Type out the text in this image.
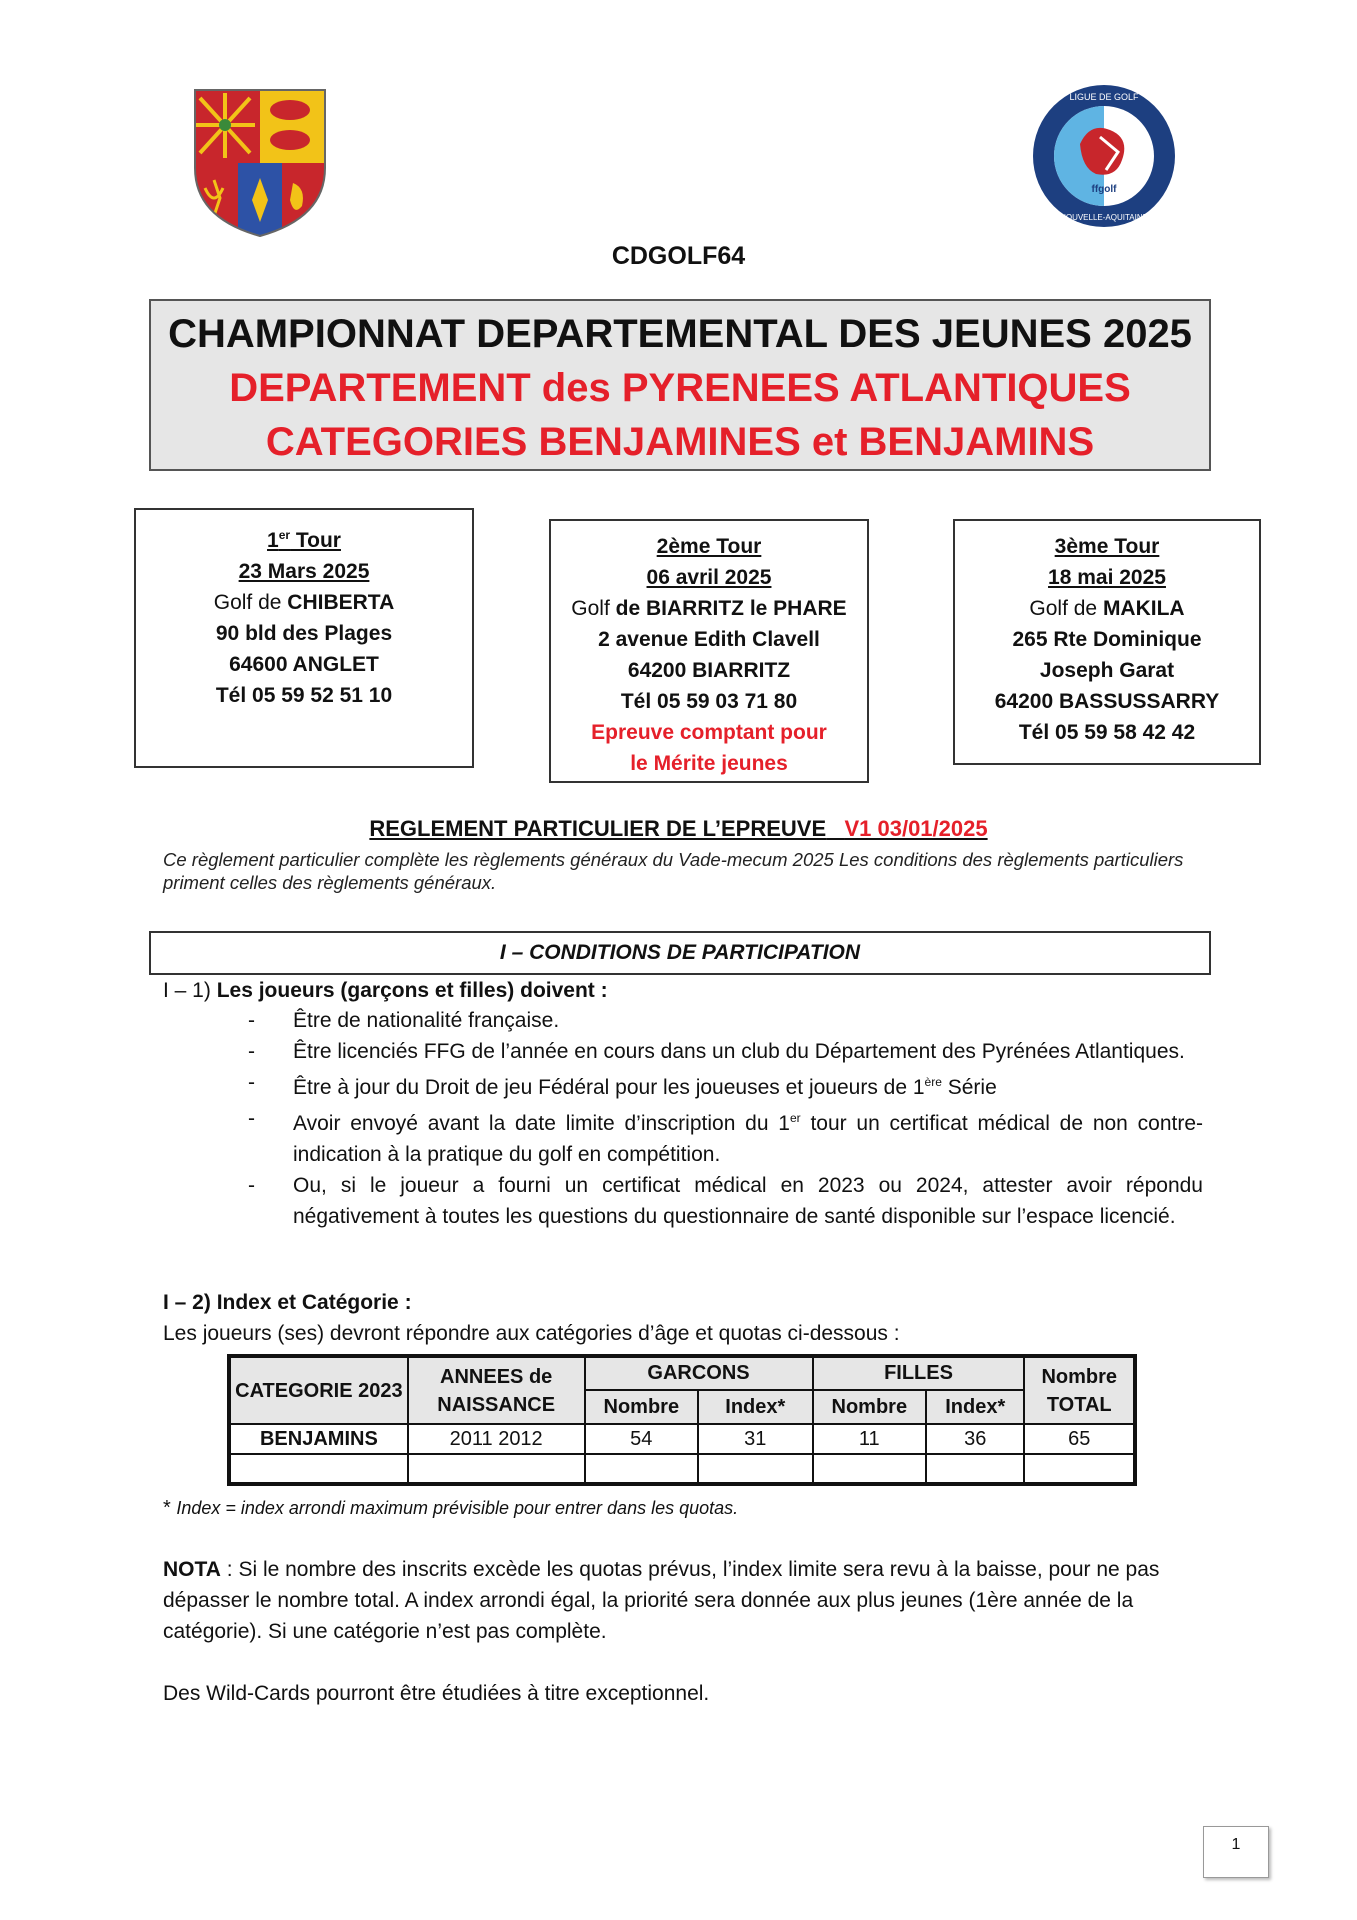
ffgolf
LIGUE DE GOLF
NOUVELLE-AQUITAINE
CDGOLF64
CHAMPIONNAT DEPARTEMENTAL DES JEUNES 2025
DEPARTEMENT des PYRENEES ATLANTIQUES
CATEGORIES BENJAMINES et BENJAMINS
1er Tour
23 Mars 2025
Golf de CHIBERTA
90 bld des Plages
64600 ANGLET
Tél 05 59 52 51 10
2ème Tour
06 avril 2025
Golf de BIARRITZ le PHARE
2 avenue Edith Clavell
64200 BIARRITZ
Tél 05 59 03 71 80
Epreuve comptant pour le Mérite jeunes
3ème Tour
18 mai 2025
Golf de MAKILA
265 Rte Dominique
Joseph Garat
64200 BASSUSSARRY
Tél 05 59 58 42 42
REGLEMENT PARTICULIER DE L’EPREUVE V1 03/01/2025
Ce règlement particulier complète les règlements généraux du Vade-mecum 2025 Les conditions des règlements particuliers priment celles des règlements généraux.
I – CONDITIONS DE PARTICIPATION
I – 1) Les joueurs (garçons et filles) doivent :
- Être de nationalité française.
- Être licenciés FFG de l’année en cours dans un club du Département des Pyrénées Atlantiques.
- Être à jour du Droit de jeu Fédéral pour les joueuses et joueurs de 1ère Série
- Avoir envoyé avant la date limite d’inscription du 1er tour un certificat médical de non contre-indication à la pratique du golf en compétition.
- Ou, si le joueur a fourni un certificat médical en 2023 ou 2024, attester avoir répondu négativement à toutes les questions du questionnaire de santé disponible sur l’espace licencié.
I – 2) Index et Catégorie :
Les joueurs (ses) devront répondre aux catégories d’âge et quotas ci-dessous :
CATEGORIE 2023	ANNEES de NAISSANCE	GARCONS		FILLES		Nombre TOTAL
		Nombre	Index*	Nombre	Index*	
BENJAMINS	2011 2012	54	31	11	36	65

* Index = index arrondi maximum prévisible pour entrer dans les quotas.
NOTA : Si le nombre des inscrits excède les quotas prévus, l’index limite sera revu à la baisse, pour ne pas dépasser le nombre total. A index arrondi égal, la priorité sera donnée aux plus jeunes (1ère année de la catégorie). Si une catégorie n’est pas complète.
Des Wild-Cards pourront être étudiées à titre exceptionnel.
1
